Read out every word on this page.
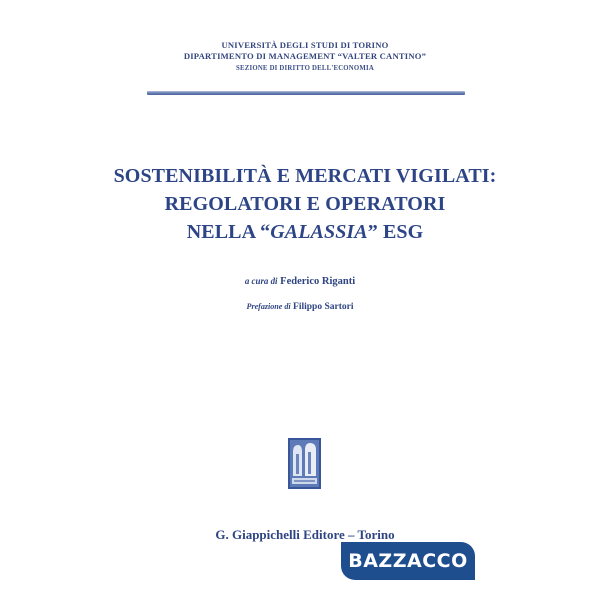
UNIVERSITÀ DEGLI STUDI DI TORINO
DIPARTIMENTO DI MANAGEMENT “VALTER CANTINO”
SEZIONE DI DIRITTO DELL'ECONOMIA
SOSTENIBILITÀ E MERCATI VIGILATI:
REGOLATORI E OPERATORI
NELLA “GALASSIA” ESG
a cura di Federico Riganti
Prefazione di Filippo Sartori
G. Giappichelli Editore – Torino
BAZZACCO
